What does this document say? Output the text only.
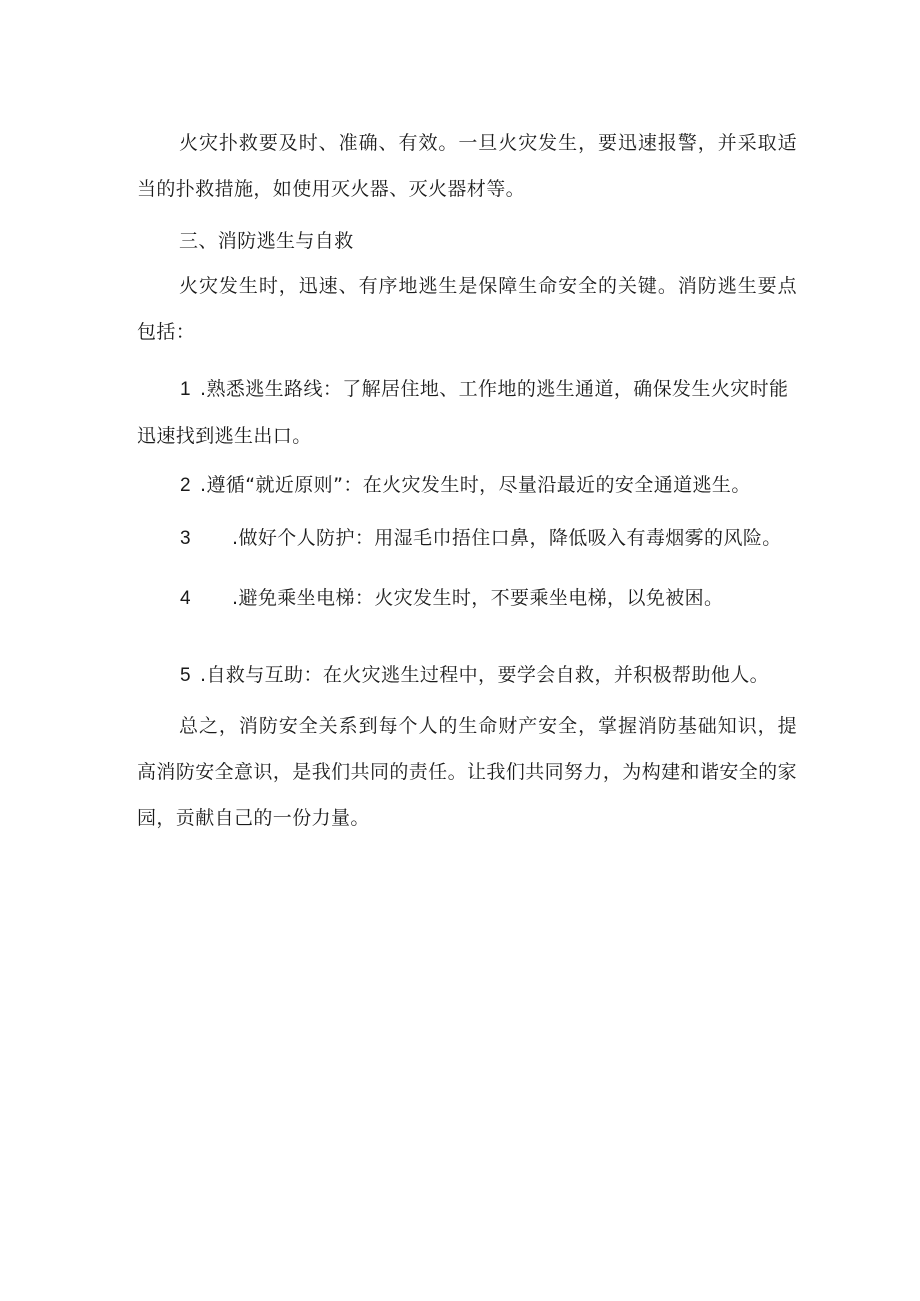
火灾扑救要及时、准确、有效。一旦火灾发生，要迅速报警，并采取适当的扑救措施，如使用灭火器、灭火器材等。

三、消防逃生与自救

火灾发生时，迅速、有序地逃生是保障生命安全的关键。消防逃生要点包括：

1 .熟悉逃生路线：了解居住地、工作地的逃生通道，确保发生火灾时能迅速找到逃生出口。

2 .遵循“就近原则”：在火灾发生时，尽量沿最近的安全通道逃生。

3 .做好个人防护：用湿毛巾捂住口鼻，降低吸入有毒烟雾的风险。

4 .避免乘坐电梯：火灾发生时，不要乘坐电梯，以免被困。

5 .自救与互助：在火灾逃生过程中，要学会自救，并积极帮助他人。

总之，消防安全关系到每个人的生命财产安全，掌握消防基础知识，提高消防安全意识，是我们共同的责任。让我们共同努力，为构建和谐安全的家园，贡献自己的一份力量。
